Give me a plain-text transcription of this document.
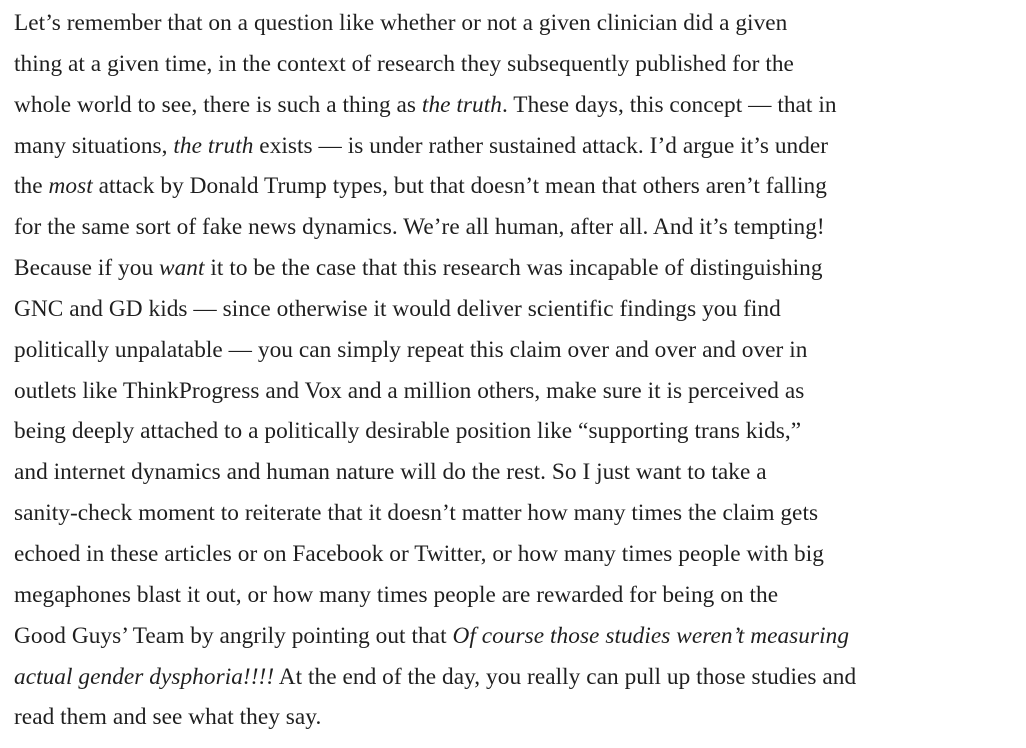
Let’s remember that on a question like whether or not a given clinician did a given
thing at a given time, in the context of research they subsequently published for the
whole world to see, there is such a thing as the truth. These days, this concept — that in
many situations, the truth exists — is under rather sustained attack. I’d argue it’s under
the most attack by Donald Trump types, but that doesn’t mean that others aren’t falling
for the same sort of fake news dynamics. We’re all human, after all. And it’s tempting!
Because if you want it to be the case that this research was incapable of distinguishing
GNC and GD kids — since otherwise it would deliver scientific findings you find
politically unpalatable — you can simply repeat this claim over and over and over in
outlets like ThinkProgress and Vox and a million others, make sure it is perceived as
being deeply attached to a politically desirable position like “supporting trans kids,”
and internet dynamics and human nature will do the rest. So I just want to take a
sanity-check moment to reiterate that it doesn’t matter how many times the claim gets
echoed in these articles or on Facebook or Twitter, or how many times people with big
megaphones blast it out, or how many times people are rewarded for being on the
Good Guys’ Team by angrily pointing out that Of course those studies weren’t measuring
actual gender dysphoria!!!! At the end of the day, you really can pull up those studies and
read them and see what they say.
